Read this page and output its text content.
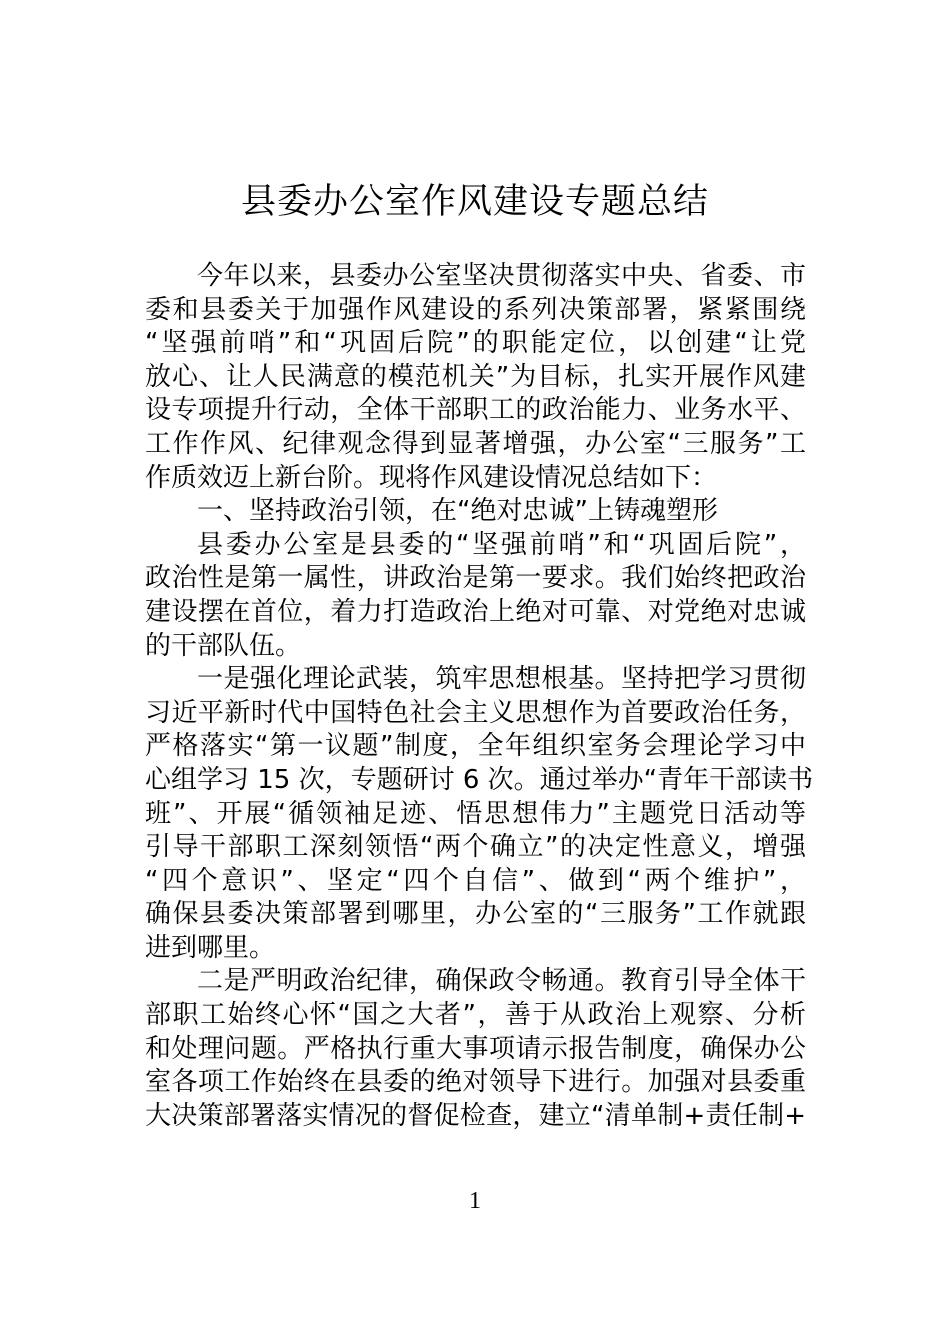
县委办公室作风建设专题总结
今年以来，县委办公室坚决贯彻落实中央、省委、市
委和县委关于加强作风建设的系列决策部署，紧紧围绕
“坚强前哨”和“巩固后院”的职能定位，以创建“让党
放心、让人民满意的模范机关”为目标，扎实开展作风建
设专项提升行动，全体干部职工的政治能力、业务水平、
工作作风、纪律观念得到显著增强，办公室“三服务”工
作质效迈上新台阶。现将作风建设情况总结如下：
一、坚持政治引领，在“绝对忠诚”上铸魂塑形
县委办公室是县委的“坚强前哨”和“巩固后院”，
政治性是第一属性，讲政治是第一要求。我们始终把政治
建设摆在首位，着力打造政治上绝对可靠、对党绝对忠诚
的干部队伍。
一是强化理论武装，筑牢思想根基。坚持把学习贯彻
习近平新时代中国特色社会主义思想作为首要政治任务，
严格落实“第一议题”制度，全年组织室务会理论学习中
心组学习 15 次，专题研讨 6 次。通过举办“青年干部读书
班”、开展“循领袖足迹、悟思想伟力”主题党日活动等
引导干部职工深刻领悟“两个确立”的决定性意义，增强
“四个意识”、坚定“四个自信”、做到“两个维护”，
确保县委决策部署到哪里，办公室的“三服务”工作就跟
进到哪里。
二是严明政治纪律，确保政令畅通。教育引导全体干
部职工始终心怀“国之大者”，善于从政治上观察、分析
和处理问题。严格执行重大事项请示报告制度，确保办公
室各项工作始终在县委的绝对领导下进行。加强对县委重
大决策部署落实情况的督促检查，建立“清单制+责任制+
1
